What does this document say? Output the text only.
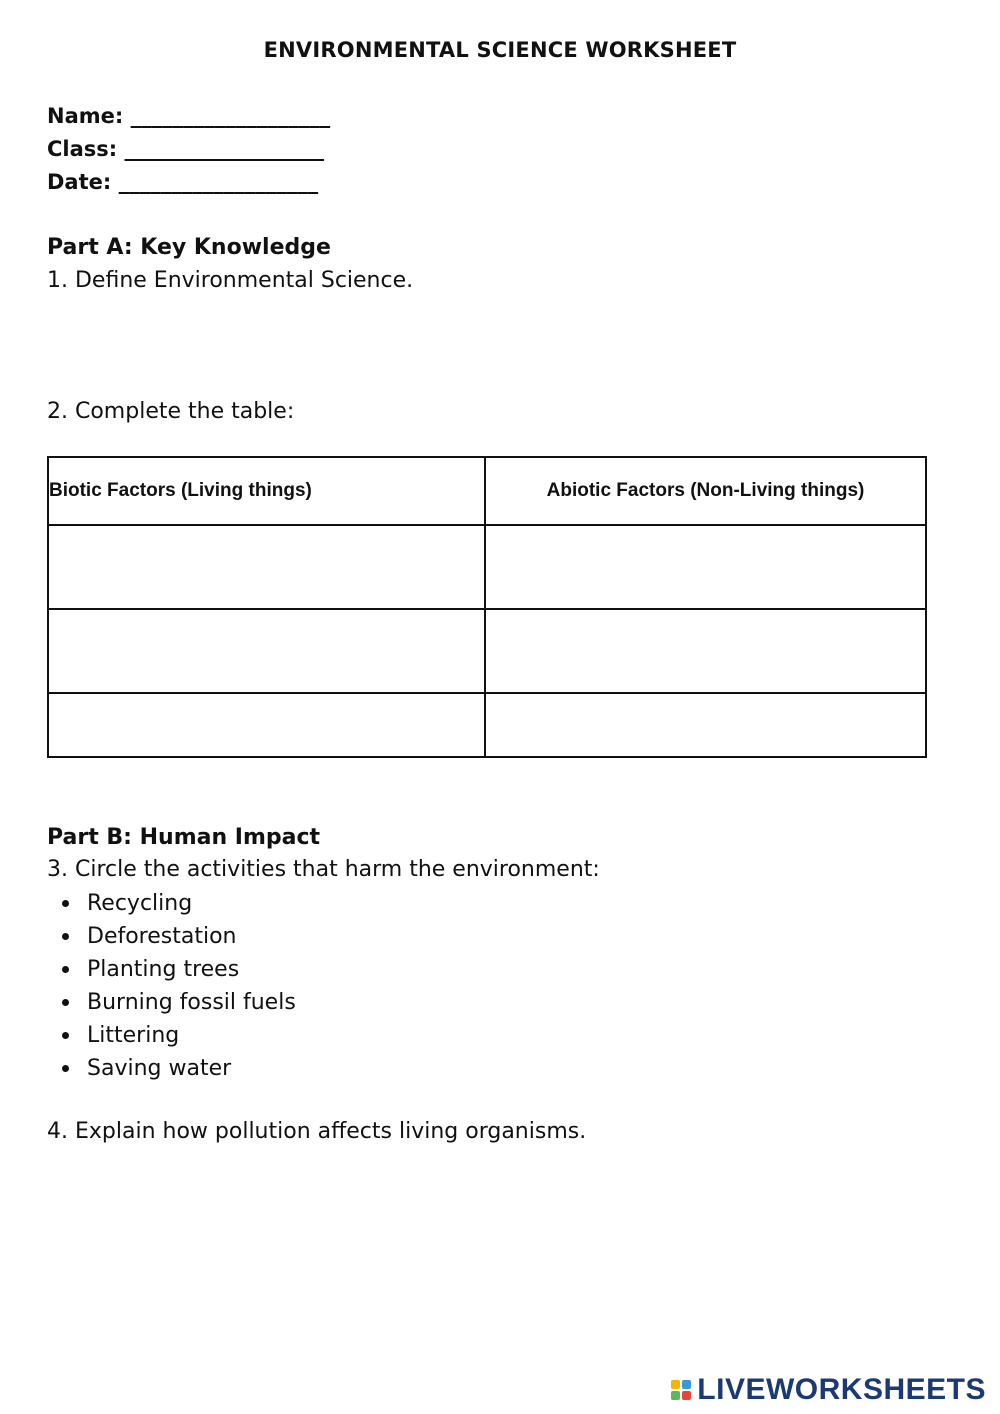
ENVIRONMENTAL SCIENCE WORKSHEET
Name: ___________________
Class: ___________________
Date: ___________________
Part A: Key Knowledge
1. Define Environmental Science.
2. Complete the table:
Biotic Factors (Living things)	Abiotic Factors (Non-Living things)

Part B: Human Impact
3. Circle the activities that harm the environment:
Recycling
Deforestation
Planting trees
Burning fossil fuels
Littering
Saving water
4. Explain how pollution affects living organisms.
LIVEWORKSHEETS
